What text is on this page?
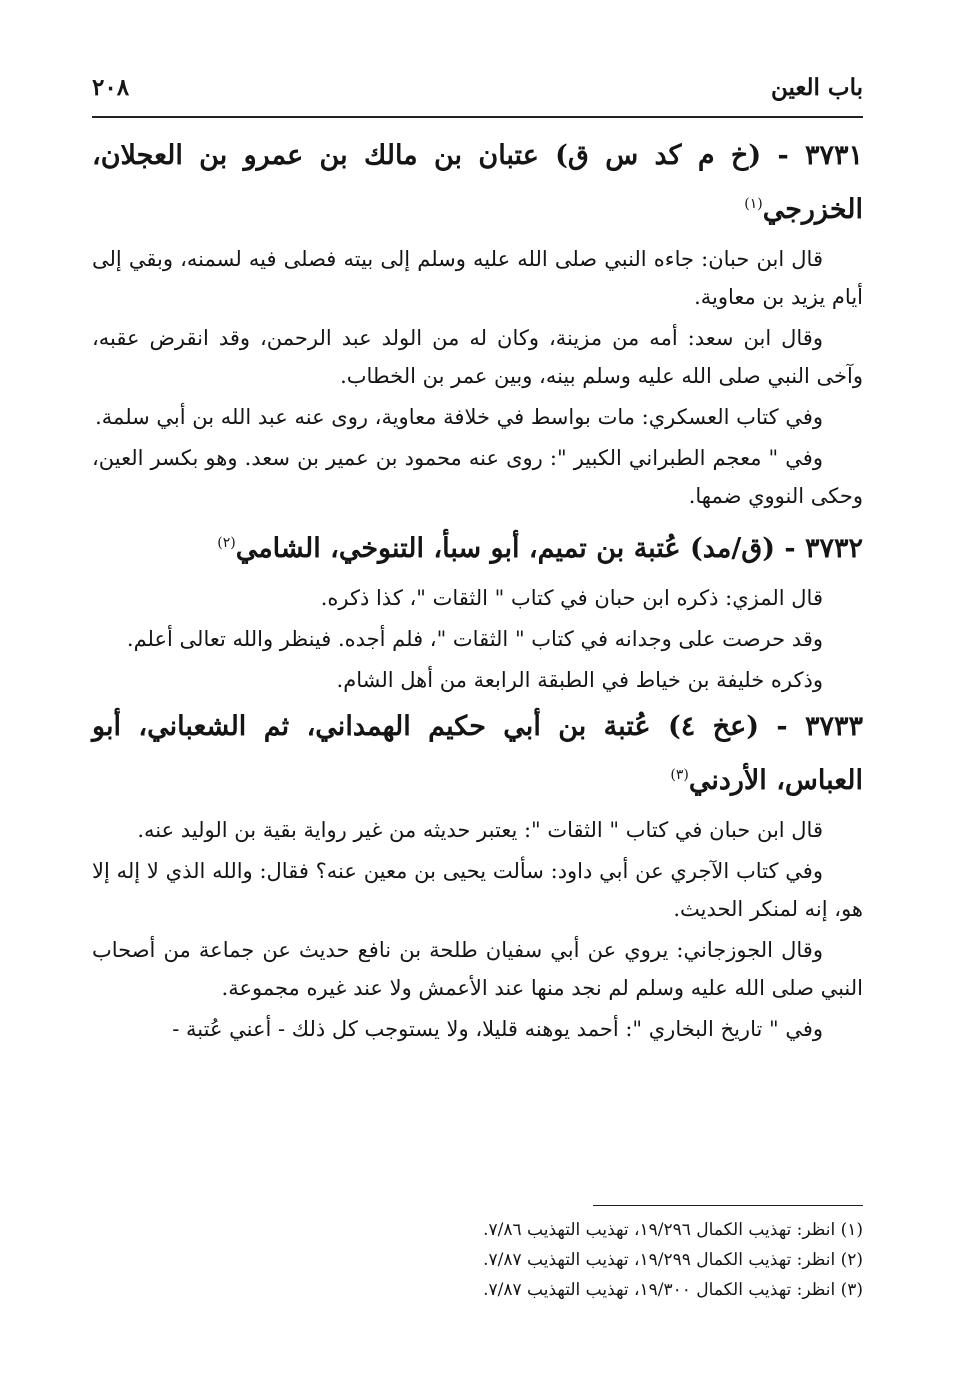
باب العين
٢٠٨
٣٧٣١ - (خ م كد س ق) عتبان بن مالك بن عمرو بن العجلان، الخزرجي$^{(١)}$

قال ابن حبان: جاءه النبي صلى الله عليه وسلم إلى بيته فصلى فيه لسمنه، وبقي إلى أيام يزيد بن معاوية.

وقال ابن سعد: أمه من مزينة، وكان له من الولد عبد الرحمن، وقد انقرض عقبه، وآخى النبي صلى الله عليه وسلم بينه، وبين عمر بن الخطاب.

وفي كتاب العسكري: مات بواسط في خلافة معاوية، روى عنه عبد الله بن أبي سلمة.

وفي " معجم الطبراني الكبير ": روى عنه محمود بن عمير بن سعد. وهو بكسر العين، وحكى النووي ضمها.

٣٧٣٢ - (ق/مد) عُتبة بن تميم، أبو سبأ، التنوخي، الشامي$^{(٢)}$

قال المزي: ذكره ابن حبان في كتاب " الثقات "، كذا ذكره.

وقد حرصت على وجدانه في كتاب " الثقات "، فلم أجده. فينظر والله تعالى أعلم.

وذكره خليفة بن خياط في الطبقة الرابعة من أهل الشام.

٣٧٣٣ - (عخ ٤) عُتبة بن أبي حكيم الهمداني، ثم الشعباني، أبو العباس، الأردني$^{(٣)}$

قال ابن حبان في كتاب " الثقات ": يعتبر حديثه من غير رواية بقية بن الوليد عنه.

وفي كتاب الآجري عن أبي داود: سألت يحيى بن معين عنه؟ فقال: والله الذي لا إله إلا هو، إنه لمنكر الحديث.

وقال الجوزجاني: يروي عن أبي سفيان طلحة بن نافع حديث عن جماعة من أصحاب النبي صلى الله عليه وسلم لم نجد منها عند الأعمش ولا عند غيره مجموعة.

وفي " تاريخ البخاري ": أحمد يوهنه قليلا، ولا يستوجب كل ذلك - أعني عُتبة -

(١) انظر: تهذيب الكمال ١٩/٢٩٦، تهذيب التهذيب ٧/٨٦.

(٢) انظر: تهذيب الكمال ١٩/٢٩٩، تهذيب التهذيب ٧/٨٧.

(٣) انظر: تهذيب الكمال ١٩/٣٠٠، تهذيب التهذيب ٧/٨٧.
